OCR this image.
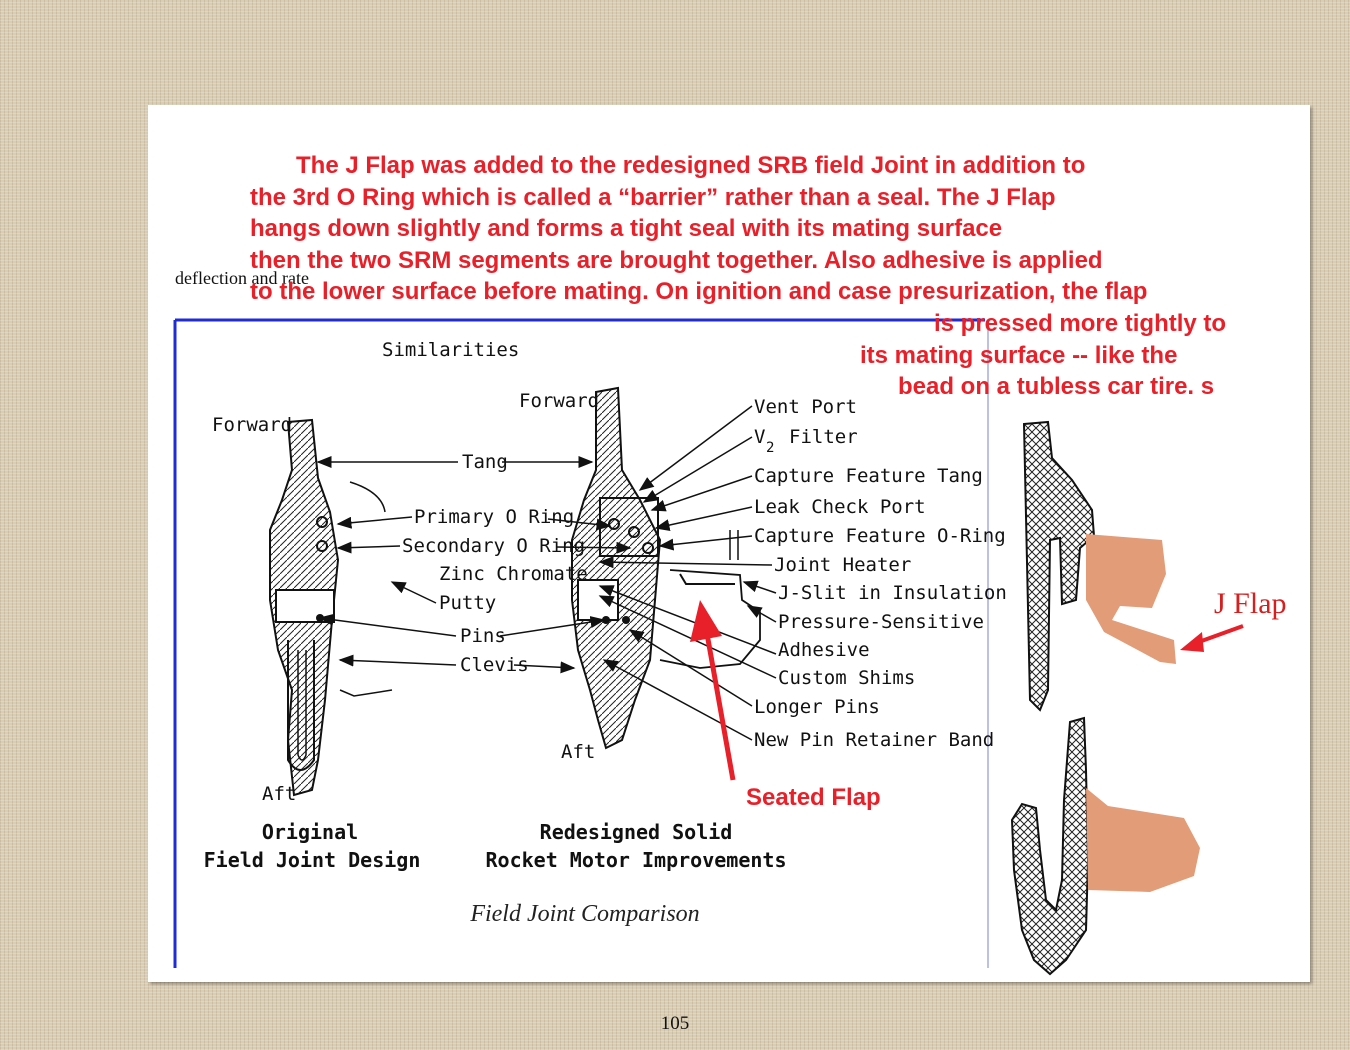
deflection and rate
The J Flap was added to the redesigned SRB field Joint in addition to
the 3rd O Ring which is called a “barrier” rather than a seal. The J Flap
hangs down slightly and forms a tight seal with its mating surface
then the two SRM segments are brought together. Also adhesive is applied
to the lower surface before mating. On ignition and case presurization, the flap
is pressed more tightly to
its mating surface -- like the
bead on a tubless car tire. s
Similarities
Forward
Aft
Original
Field Joint Design
Forward
Aft
Redesigned Solid
Rocket Motor Improvements
Tang
Primary O Ring
Secondary O Ring
Zinc Chromate
Putty
Pins
Clevis
Vent Port
V 2 Filter
Capture Feature Tang
Leak Check Port
Capture Feature O-Ring
Joint Heater
J-Slit in Insulation
Pressure-Sensitive
Adhesive
Custom Shims
Longer Pins
New Pin Retainer Band
Field Joint Comparison
Seated Flap
J Flap
105
